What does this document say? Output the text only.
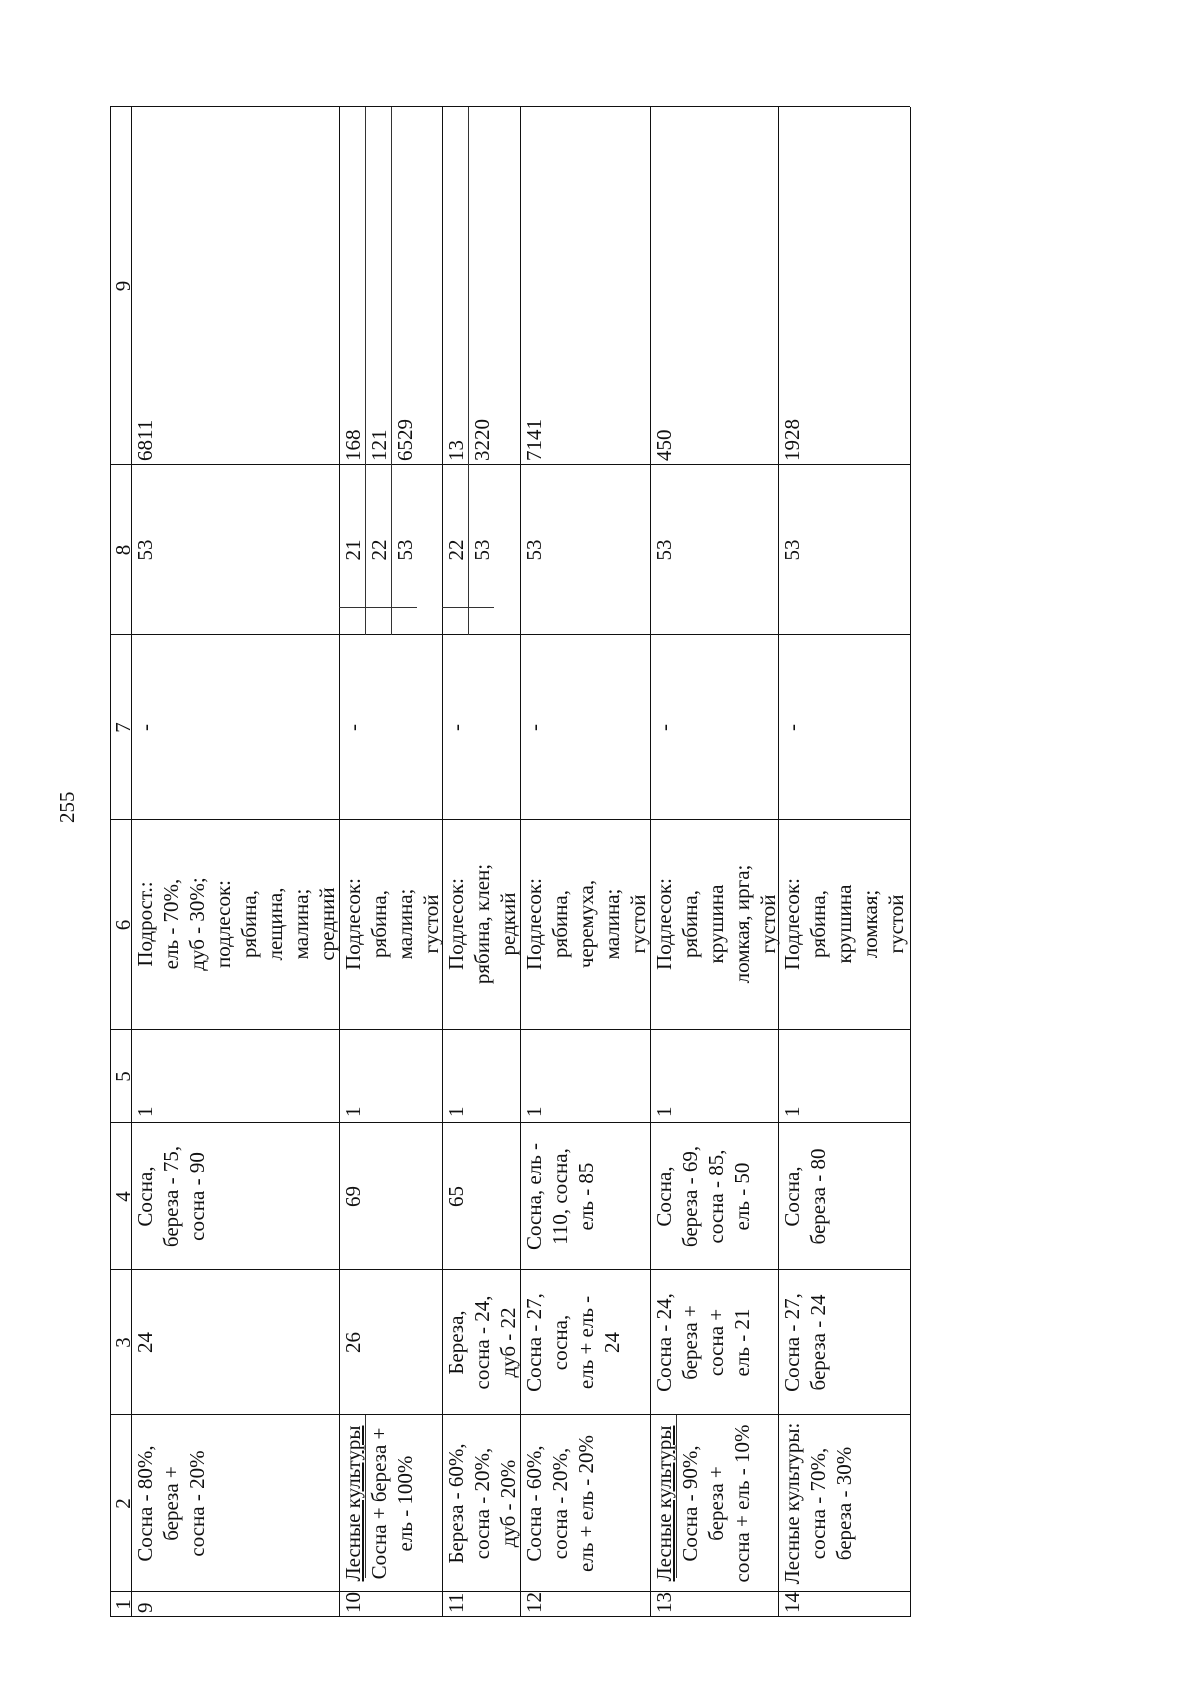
255
1
2
3
4
5
6
7
8
9
9
Сосна - 80%, береза +
сосна - 20%
24
Сосна,
береза - 75,
сосна - 90
1
Подрост.:
ель - 70%,
дуб - 30%;
подлесок:
рябина,
лещина,
малина;
средний
-
53
6811
10
Лесные культуры Сосна + береза + ель - 100%
26
69
1
Подлесок:
рябина,
малина;
густой
-
21 22 53
168 121 6529
11
Береза - 60%, сосна - 20%,
дуб - 20%
Береза,
сосна - 24,
дуб - 22
65
1
Подлесок:
рябина, клен;
редкий
-
22 53
13 3220
12
Сосна - 60%, сосна - 20%,
ель + ель - 20%
Сосна - 27,
сосна,
ель + ель -
24
Сосна, ель -
110, сосна,
ель - 85
1
Подлесок:
рябина,
черемуха,
малина;
густой
-
53
7141
13
Лесные культуры Сосна - 90%, береза +
сосна + ель - 10%
Сосна - 24,
береза +
сосна +
ель - 21
Сосна,
береза - 69,
сосна - 85,
ель - 50
1
Подлесок:
рябина,
крушина
ломкая, ирга;
густой
-
53
450
14
Лесные культуры:
сосна - 70%,
береза - 30%
Сосна - 27,
береза - 24
Сосна,
береза - 80
1
Подлесок:
рябина,
крушина
ломкая;
густой
-
53
1928
